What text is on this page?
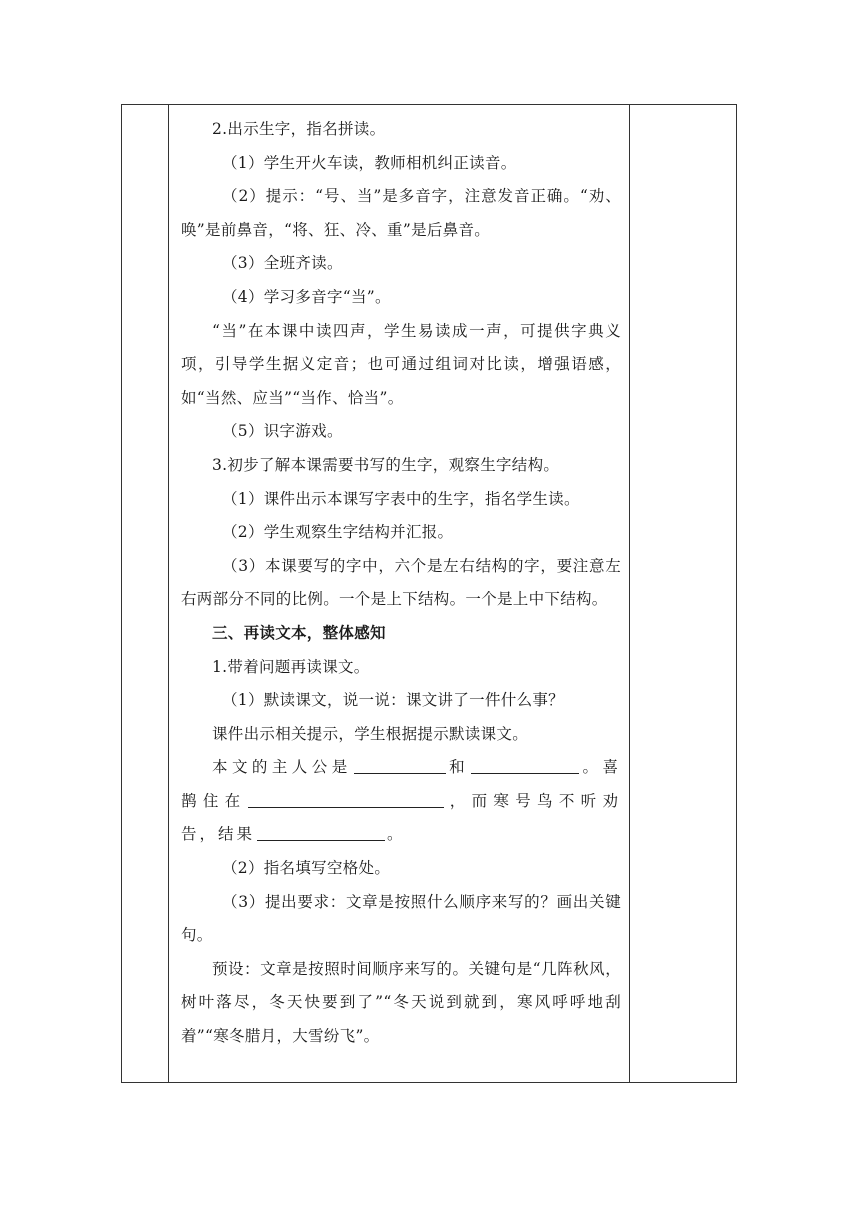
2.出示生字，指名拼读。

（1）学生开火车读，教师相机纠正读音。

（2）提示：“号、当”是多音字，注意发音正确。“劝、唤”是前鼻音，“将、狂、冷、重”是后鼻音。

（3）全班齐读。

（4）学习多音字“当”。

“当”在本课中读四声，学生易读成一声，可提供字典义项，引导学生据义定音；也可通过组词对比读，增强语感，如“当然、应当”“当作、恰当”。

（5）识字游戏。

3.初步了解本课需要书写的生字，观察生字结构。

（1）课件出示本课写字表中的生字，指名学生读。

（2）学生观察生字结构并汇报。

（3）本课要写的字中，六个是左右结构的字，要注意左右两部分不同的比例。一个是上下结构。一个是上中下结构。

三、再读文本，整体感知

1.带着问题再读课文。

（1）默读课文，说一说：课文讲了一件什么事？

课件出示相关提示，学生根据提示默读课文。

本文的主人公是	和	。喜鹊住在	，而寒号鸟不听劝告，结果	。

（2）指名填写空格处。

（3）提出要求：文章是按照什么顺序来写的？画出关键句。

预设：文章是按照时间顺序来写的。关键句是“几阵秋风，树叶落尽，冬天快要到了”“冬天说到就到，寒风呼呼地刮着”“寒冬腊月，大雪纷飞”。
